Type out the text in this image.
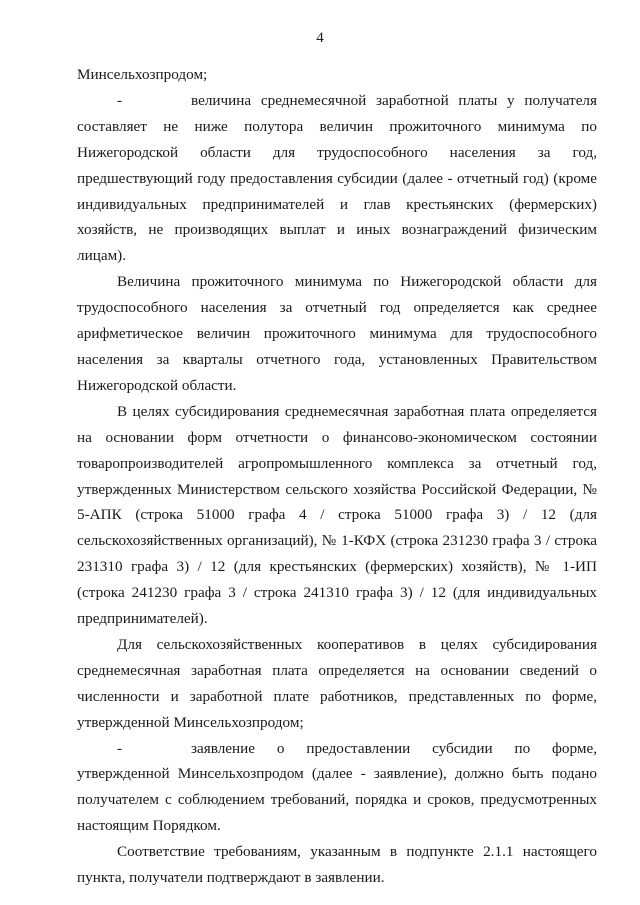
4

Минсельхозпродом;

-	величина среднемесячной заработной платы у получателя составляет не ниже полутора величин прожиточного минимума по Нижегородской области для трудоспособного населения за год, предшествующий году предоставления субсидии (далее - отчетный год) (кроме индивидуальных предпринимателей и глав крестьянских (фермерских) хозяйств, не производящих выплат и иных вознаграждений физическим лицам).

Величина прожиточного минимума по Нижегородской области для трудоспособного населения за отчетный год определяется как среднее арифметическое величин прожиточного минимума для трудоспособного населения за кварталы отчетного года, установленных Правительством Нижегородской области.

В целях субсидирования среднемесячная заработная плата определяется на основании форм отчетности о финансово-экономическом состоянии товаропроизводителей агропромышленного комплекса за отчетный год, утвержденных Министерством сельского хозяйства Российской Федерации, № 5-АПК (строка 51000 графа 4 / строка 51000 графа 3) / 12 (для сельскохозяйственных организаций), № 1-КФХ (строка 231230 графа 3 / строка 231310 графа 3) / 12 (для крестьянских (фермерских) хозяйств), № 1-ИП (строка 241230 графа 3 / строка 241310 графа 3) / 12 (для индивидуальных предпринимателей).

Для сельскохозяйственных кооперативов в целях субсидирования среднемесячная заработная плата определяется на основании сведений о численности и заработной плате работников, представленных по форме, утвержденной Минсельхозпродом;

-	заявление о предоставлении субсидии по форме, утвержденной Минсельхозпродом (далее - заявление), должно быть подано получателем с соблюдением требований, порядка и сроков, предусмотренных настоящим Порядком.

Соответствие требованиям, указанным в подпункте 2.1.1 настоящего пункта, получатели подтверждают в заявлении.
